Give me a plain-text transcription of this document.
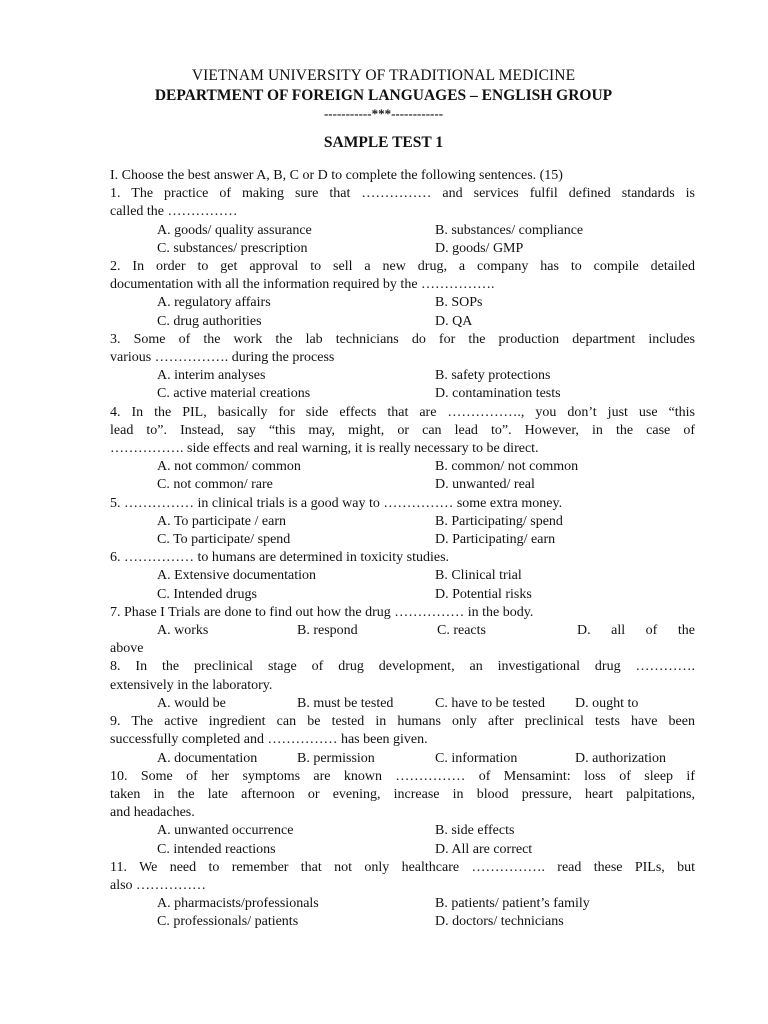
VIETNAM UNIVERSITY OF TRADITIONAL MEDICINE
DEPARTMENT OF FOREIGN LANGUAGES – ENGLISH GROUP
-----------***------------
SAMPLE TEST 1
I. Choose the best answer A, B, C or D to complete the following sentences. (15)
1. The practice of making sure that …………… and services fulfil defined standards is
called the ……………
A. goods/ quality assurance	B. substances/ compliance
C. substances/ prescription	D. goods/ GMP
2. In order to get approval to sell a new drug, a company has to compile detailed
documentation with all the information required by the …………….
A. regulatory affairs	B. SOPs
C. drug authorities	D. QA
3. Some of the work the lab technicians do for the production department includes
various ……………. during the process
A. interim analyses	B. safety protections
C. active material creations	D. contamination tests
4. In the PIL, basically for side effects that are ……………., you don’t just use “this
lead to”. Instead, say “this may, might, or can lead to”. However, in the case of
……………. side effects and real warning, it is really necessary to be direct.
A. not common/ common	B. common/ not common
C. not common/ rare	D. unwanted/ real
5. …………… in clinical trials is a good way to …………… some extra money.
A. To participate / earn	B. Participating/ spend
C. To participate/ spend	D. Participating/ earn
6. …………… to humans are determined in toxicity studies.
A. Extensive documentation	B. Clinical trial
C. Intended drugs	D. Potential risks
7. Phase I Trials are done to find out how the drug …………… in the body.
A. works	B. respond	C. reacts	D. all of the
above
8. In the preclinical stage of drug development, an investigational drug ………….
extensively in the laboratory.
A. would be	B. must be tested	C. have to be tested	D. ought to
9. The active ingredient can be tested in humans only after preclinical tests have been
successfully completed and …………… has been given.
A. documentation	B. permission	C. information	D. authorization
10. Some of her symptoms are known …………… of Mensamint: loss of sleep if
taken in the late afternoon or evening, increase in blood pressure, heart palpitations,
and headaches.
A. unwanted occurrence	B. side effects
C. intended reactions	D. All are correct
11. We need to remember that not only healthcare ……………. read these PILs, but
also ……………
A. pharmacists/professionals	B. patients/ patient’s family
C. professionals/ patients	D. doctors/ technicians
